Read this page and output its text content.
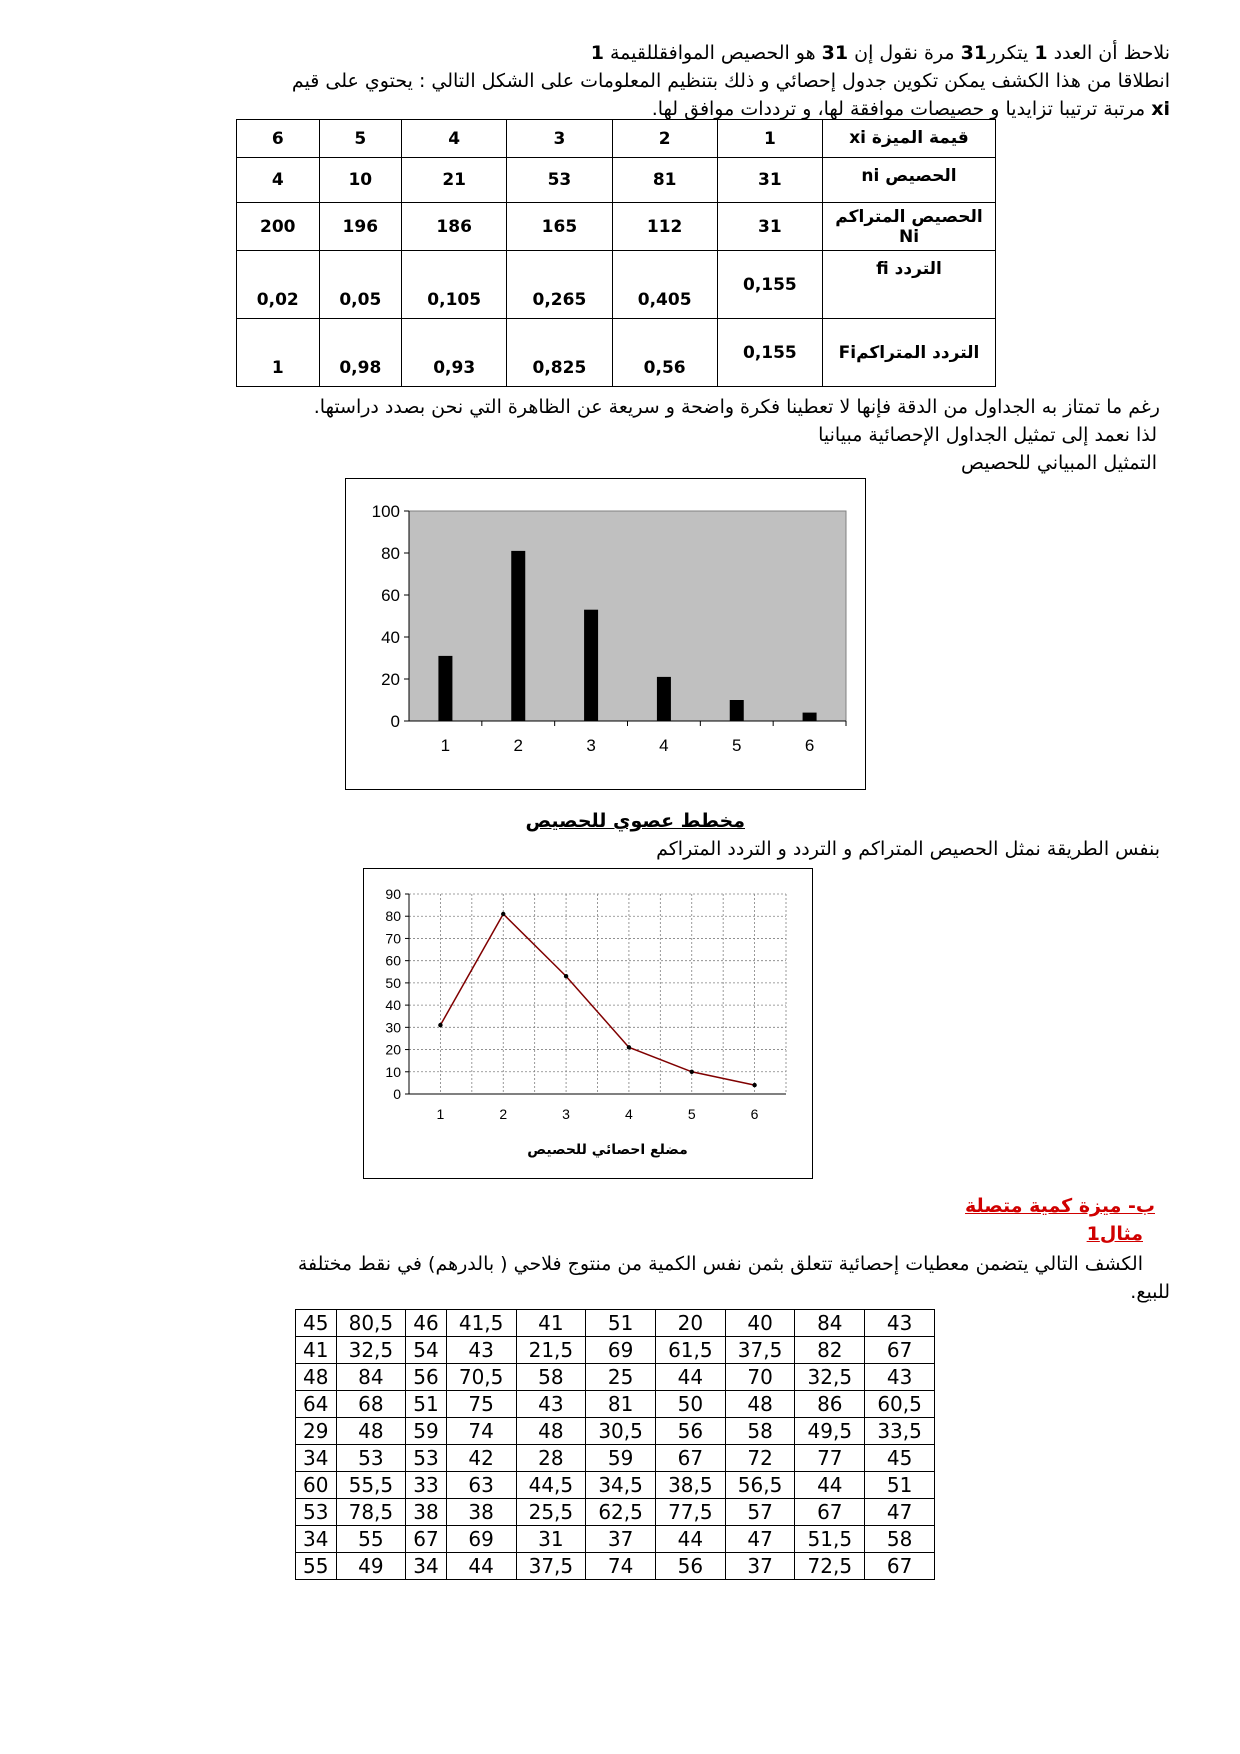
نلاحظ أن العدد 1 يتكرر31 مرة نقول إن 31 هو الحصيص الموافقللقيمة 1
انطلاقا من هذا الكشف يمكن تكوين جدول إحصائي و ذلك بتنظيم المعلومات على الشكل التالي : يحتوي على قيم
xi مرتبة ترتيبا تزايديا و حصيصات موافقة لها، و ترددات موافق لها.
قيمة الميزة xi	1	2	3	4	5	6
الحصيص ni	31	81	53	21	10	4
الحصيص المتراكم Ni	31	112	165	186	196	200
التردد fi	0,155	0,405	0,265	0,105	0,05	0,02
التردد المتراكمFi	0,155	0,56	0,825	0,93	0,98	1
رغم ما تمتاز به الجداول من الدقة فإنها لا تعطينا فكرة واضحة و سريعة عن الظاهرة التي نحن بصدد دراستها.
لذا نعمد إلى تمثيل الجداول الإحصائية مبيانيا
التمثيل المبياني للحصيص
0
20
40
60
80
100
1	2	3	4	5	6
مخطط عصوي للحصيص
بنفس الطريقة نمثل الحصيص المتراكم و التردد و التردد المتراكم
0
10
20
30
40
50
60
70
80
90
1	2	3	4	5	6
مضلع احصائي للحصيص
ب- ميزة كمية متصلة
مثال1
الكشف التالي يتضمن معطيات إحصائية تتعلق بثمن نفس الكمية من منتوج فلاحي ( بالدرهم) في نقط مختلفة
للبيع.
45	80,5	46	41,5	41	51	20	40	84	43
41	32,5	54	43	21,5	69	61,5	37,5	82	67
48	84	56	70,5	58	25	44	70	32,5	43
64	68	51	75	43	81	50	48	86	60,5
29	48	59	74	48	30,5	56	58	49,5	33,5
34	53	53	42	28	59	67	72	77	45
60	55,5	33	63	44,5	34,5	38,5	56,5	44	51
53	78,5	38	38	25,5	62,5	77,5	57	67	47
34	55	67	69	31	37	44	47	51,5	58
55	49	34	44	37,5	74	56	37	72,5	67
